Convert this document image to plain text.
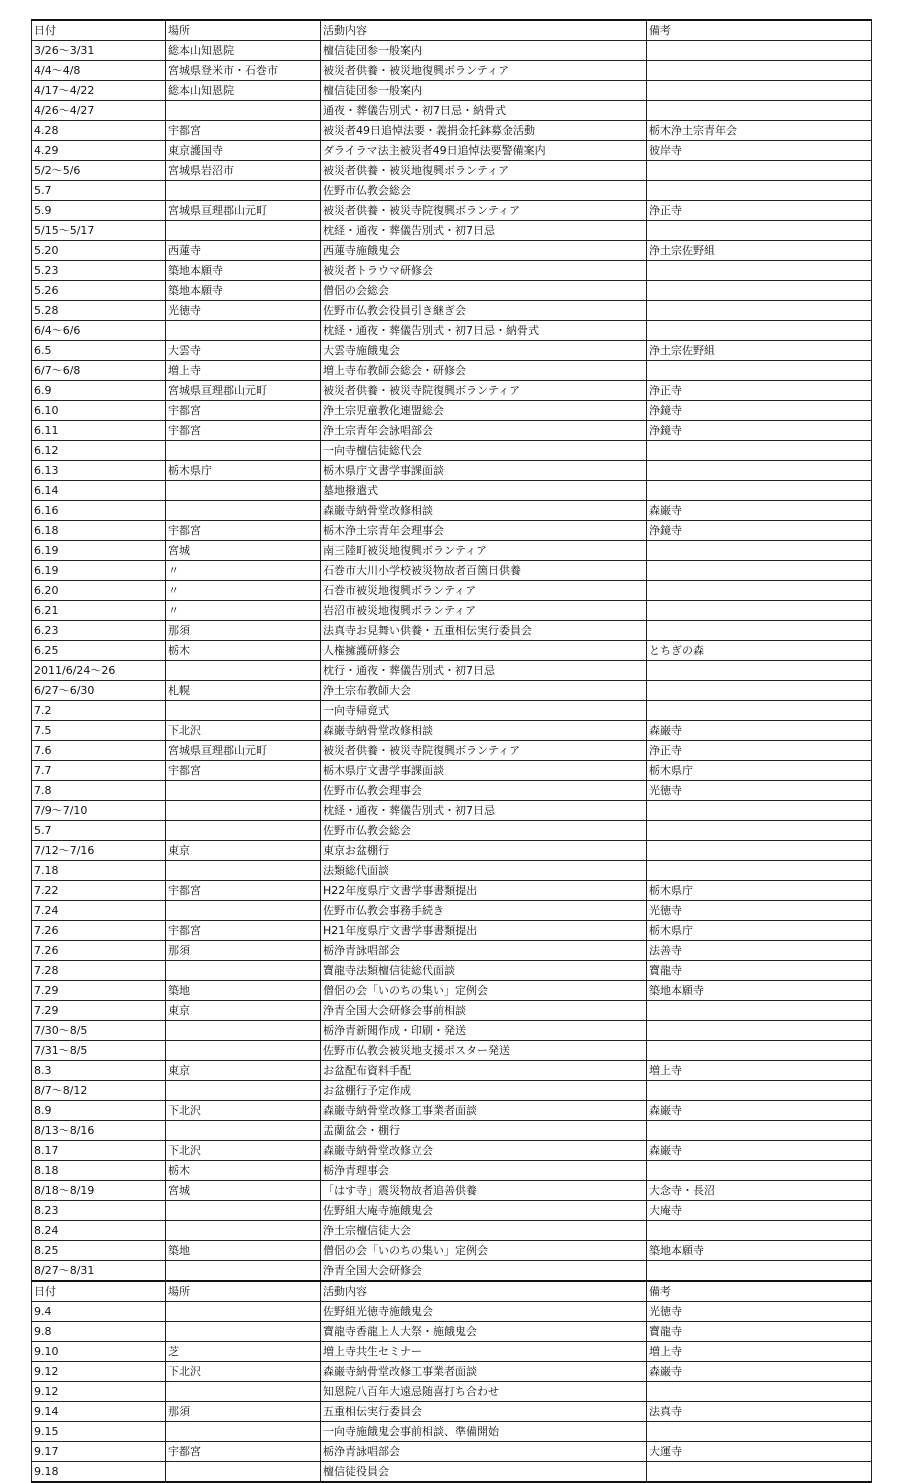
日付	場所	活動内容	備考
3/26～3/31	総本山知恩院	檀信徒団参一般案内	
4/4～4/8	宮城県登米市・石巻市	被災者供養・被災地復興ボランティア	
4/17～4/22	総本山知恩院	檀信徒団参一般案内	
4/26～4/27		通夜・葬儀告別式・初7日忌・納骨式	
4.28	宇都宮	被災者49日追悼法要・義捐金托鉢募金活動	栃木浄土宗青年会
4.29	東京護国寺	ダライラマ法主被災者49日追悼法要警備案内	彼岸寺
5/2～5/6	宮城県岩沼市	被災者供養・被災地復興ボランティア	
5.7		佐野市仏教会総会	
5.9	宮城県亘理郡山元町	被災者供養・被災寺院復興ボランティア	浄正寺
5/15～5/17		枕経・通夜・葬儀告別式・初7日忌	
5.20	西蓮寺	西蓮寺施餓鬼会	浄土宗佐野組
5.23	築地本願寺	被災者トラウマ研修会	
5.26	築地本願寺	僧侶の会総会	
5.28	光徳寺	佐野市仏教会役員引き継ぎ会	
6/4～6/6		枕経・通夜・葬儀告別式・初7日忌・納骨式	
6.5	大雲寺	大雲寺施餓鬼会	浄土宗佐野組
6/7～6/8	増上寺	増上寺布教師会総会・研修会	
6.9	宮城県亘理郡山元町	被災者供養・被災寺院復興ボランティア	浄正寺
6.10	宇都宮	浄土宗児童教化連盟総会	浄鏡寺
6.11	宇都宮	浄土宗青年会詠唱部会	浄鏡寺
6.12		一向寺檀信徒総代会	
6.13	栃木県庁	栃木県庁文書学事課面談	
6.14		墓地撥遣式	
6.16		森巌寺納骨堂改修相談	森巌寺
6.18	宇都宮	栃木浄土宗青年会理事会	浄鏡寺
6.19	宮城	南三陸町被災地復興ボランティア	
6.19	〃	石巻市大川小学校被災物故者百箇日供養	
6.20	〃	石巻市被災地復興ボランティア	
6.21	〃	岩沼市被災地復興ボランティア	
6.23	那須	法真寺お見舞い供養・五重相伝実行委員会	
6.25	栃木	人権擁護研修会	とちぎの森
2011/6/24～26		枕行・通夜・葬儀告別式・初7日忌	
6/27～6/30	札幌	浄土宗布教師大会	
7.2		一向寺帰竟式	
7.5	下北沢	森巌寺納骨堂改修相談	森巌寺
7.6	宮城県亘理郡山元町	被災者供養・被災寺院復興ボランティア	浄正寺
7.7	宇都宮	栃木県庁文書学事課面談	栃木県庁
7.8		佐野市仏教会理事会	光徳寺
7/9～7/10		枕経・通夜・葬儀告別式・初7日忌	
5.7		佐野市仏教会総会	
7/12～7/16	東京	東京お盆棚行	
7.18		法類総代面談	
7.22	宇都宮	H22年度県庁文書学事書類提出	栃木県庁
7.24		佐野市仏教会事務手続き	光徳寺
7.26	宇都宮	H21年度県庁文書学事書類提出	栃木県庁
7.26	那須	栃浄青詠唱部会	法善寺
7.28		寶龍寺法類檀信徒総代面談	寶龍寺
7.29	築地	僧侶の会「いのちの集い」定例会	築地本願寺
7.29	東京	浄青全国大会研修会事前相談	
7/30～8/5		栃浄青新聞作成・印刷・発送	
7/31～8/5		佐野市仏教会被災地支援ポスター発送	
8.3	東京	お盆配布資料手配	増上寺
8/7～8/12		お盆棚行予定作成	
8.9	下北沢	森巌寺納骨堂改修工事業者面談	森巌寺
8/13～8/16		盂蘭盆会・棚行	
8.17	下北沢	森巌寺納骨堂改修立会	森巌寺
8.18	栃木	栃浄青理事会	
8/18～8/19	宮城	「はす寺」震災物故者追善供養	大念寺・長沼
8.23		佐野組大庵寺施餓鬼会	大庵寺
8.24		浄土宗檀信徒大会	
8.25	築地	僧侶の会「いのちの集い」定例会	築地本願寺
8/27～8/31		浄青全国大会研修会	
日付	場所	活動内容	備考
9.4		佐野組光徳寺施餓鬼会	光徳寺
9.8		寶龍寺香龍上人大祭・施餓鬼会	寶龍寺
9.10	芝	増上寺共生セミナー	増上寺
9.12	下北沢	森巌寺納骨堂改修工事業者面談	森巌寺
9.12		知恩院八百年大遠忌随喜打ち合わせ	
9.14	那須	五重相伝実行委員会	法真寺
9.15		一向寺施餓鬼会事前相談、準備開始	
9.17	宇都宮	栃浄青詠唱部会	大運寺
9.18		檀信徒役員会	
